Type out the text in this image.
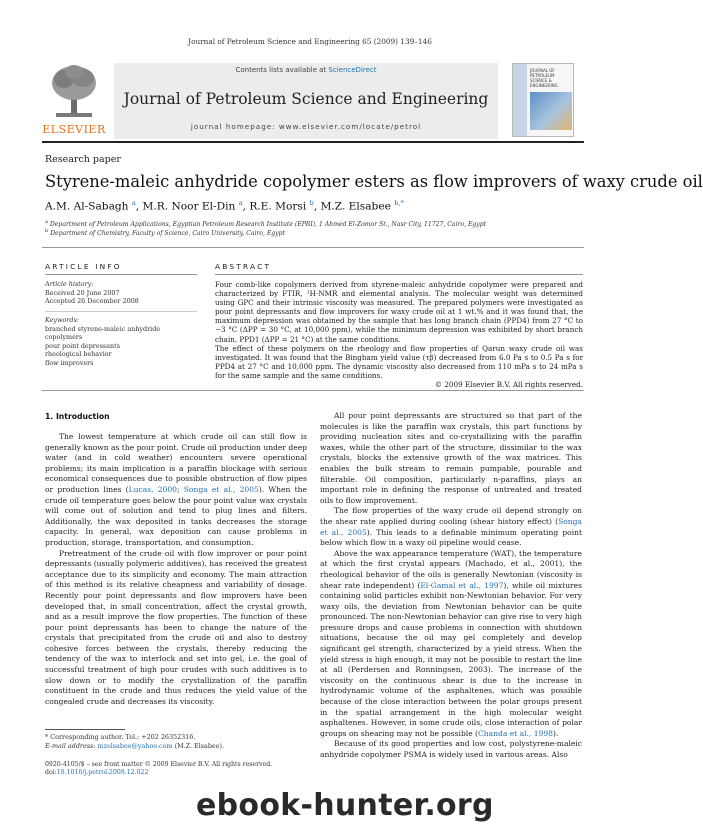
Journal of Petroleum Science and Engineering 65 (2009) 139–146
ELSEVIER
Contents lists available at ScienceDirect
Journal of Petroleum Science and Engineering
journal homepage: www.elsevier.com/locate/petrol
JOURNAL OF PETROLEUM SCIENCE & ENGINEERING
Research paper
Styrene-maleic anhydride copolymer esters as flow improvers of waxy crude oil
A.M. Al-Sabagh $^a$, M.R. Noor El-Din $^a$, R.E. Morsi $^b$, M.Z. Elsabee $^{b,*}$
$^a$ Department of Petroleum Applications, Egyptian Petroleum Research Institute (EPRI), 1 Ahmed El-Zomor St., Nasr City, 11727, Cairo, Egypt
$^b$ Department of Chemistry, Faculty of Science, Cairo University, Cairo, Egypt
ARTICLE INFO	ABSTRACT
Article history:
Received 20 June 2007
Accepted 26 December 2008
Keywords:
branched styrene-maleic anhydride
copolymers
pour point depressants
rheological behavior
flow improvers

Four comb-like copolymers derived from styrene-maleic anhydride copolymer were prepared and characterized by FTIR, ¹H-NMR and elemental analysis. The molecular weight was determined using GPC and their intrinsic viscosity was measured. The prepared polymers were investigated as pour point depressants and flow improvers for waxy crude oil at 1 wt.% and it was found that, the maximum depression was obtained by the sample that has long branch chain (PPD4) from 27 °C to −3 °C (ΔPP = 30 °C, at 10,000 ppm), while the minimum depression was exhibited by short branch chain, PPD1 (ΔPP = 21 °C) at the same conditions.

The effect of these polymers on the rheology and flow properties of Qarun waxy crude oil was investigated. It was found that the Bingham yield value (τβ) decreased from 6.0 Pa s to 0.5 Pa s for PPD4 at 27 °C and 10,000 ppm. The dynamic viscosity also decreased from 110 mPa s to 24 mPa s for the same sample and the same conditions.

© 2009 Elsevier B.V. All rights reserved.

1. Introduction

The lowest temperature at which crude oil can still flow is generally known as the pour point. Crude oil production under deep water (and in cold weather) encounters severe operational problems; its main implication is a paraffin blockage with serious economical consequences due to possible obstruction of flow pipes or production lines (Lucas, 2000; Songa et al., 2005). When the crude oil temperature goes below the pour point value wax crystals will come out of solution and tend to plug lines and filters. Additionally, the wax deposited in tanks decreases the storage capacity. In general, wax deposition can cause problems in production, storage, transportation, and consumption.

Pretreatment of the crude oil with flow improver or pour point depressants (usually polymeric additives), has received the greatest acceptance due to its simplicity and economy. The main attraction of this method is its relative cheapness and variability of dosage. Recently pour point depressants and flow improvers have been developed that, in small concentration, affect the crystal growth, and as a result improve the flow properties. The function of these pour point depressants has been to change the nature of the crystals that precipitated from the crude oil and also to destroy cohesive forces between the crystals, thereby reducing the tendency of the wax to interlock and set into gel, i.e. the goal of successful treatment of high pour crudes with such additives is to slow down or to modify the crystallization of the paraffin constituent in the crude and thus reduces the yield value of the congealed crude and decreases its viscosity.

All pour point depressants are structured so that part of the molecules is like the paraffin wax crystals, this part functions by providing nucleation sites and co-crystallizing with the paraffin waxes, while the other part of the structure, dissimilar to the wax crystals, blocks the extensive growth of the wax matrices. This enables the bulk stream to remain pumpable, pourable and filterable. Oil composition, particularly n-paraffins, plays an important role in defining the response of untreated and treated oils to flow improvement.

The flow properties of the waxy crude oil depend strongly on the shear rate applied during cooling (shear history effect) (Songa et al., 2005). This leads to a definable minimum operating point below which flow in a waxy oil pipeline would cease.

Above the wax appearance temperature (WAT), the temperature at which the first crystal appears (Machado, et al., 2001), the rheological behavior of the oils is generally Newtonian (viscosity is shear rate independent) (El-Gamal et al., 1997), while oil mixtures containing solid particles exhibit non-Newtonian behavior. For very waxy oils, the deviation from Newtonian behavior can be quite pronounced. The non-Newtonian behavior can give rise to very high pressure drops and cause problems in connection with shutdown situations, because the oil may gel completely and develop significant gel strength, characterized by a yield stress. When the yield stress is high enough, it may not be possible to restart the line at all (Perdersen and Ronningsen, 2003). The increase of the viscosity on the continuous shear is due to the increase in hydrodynamic volume of the asphaltenes, which was possible because of the close interaction between the polar groups present in the spatial arrangement in the high molecular weight asphaltenes. However, in some crude oils, close interaction of polar groups on shearing may not be possible (Chanda et al., 1998).

Because of its good properties and low cost, polystyrene-maleic anhydride copolymer PSMA is widely used in various areas. Also

* Corresponding author. Tel.: +202 26352316.
E-mail address: mzelsabee@yahoo.com (M.Z. Elsabee).
0920-4105/$ – see front matter © 2009 Elsevier B.V. All rights reserved.
doi:10.1016/j.petrol.2008.12.022
ebook-hunter.org
